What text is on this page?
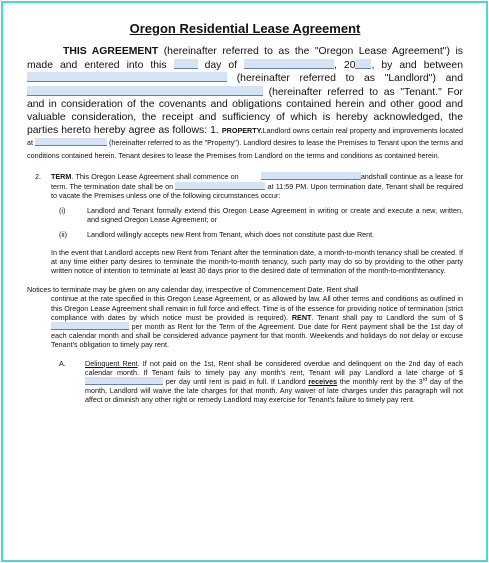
Oregon Residential Lease Agreement

THIS AGREEMENT (hereinafter referred to as the "Oregon Lease Agreement") is made and entered into this	day of	, 20 , by and between  (hereinafter referred to as "Landlord") and  (hereinafter referred to as "Tenant." For and in consideration of the covenants and obligations contained herein and other good and valuable consideration, the receipt and sufficiency of which is hereby acknowledged, the parties hereto hereby agree as follows: 1. PROPERTY.Landlord owns certain real property and improvements located at	(hereinafter referred to as the "Property"). Landlord desires to lease the Premises to Tenant upon the terms and conditions contained herein. Tenant desires to lease the Premises from Landlord on the terms and conditions as contained herein.

2. TERM. This Oregon Lease Agreement shall commence on	andshall continue as a lease for term. The termination date shall be on	at 11:59 PM. Upon termination date, Tenant shall be required to vacate the Premises unless one of the following circumstances occur:

(i)	Landlord and Tenant formally extend this Oregon Lease Agreement in writing or create and execute a new, written, and signed Oregon Lease Agreement; or

(ii)	Landlord willingly accepts new Rent from Tenant, which does not constitute past due Rent.

In the event that Landlord accepts new Rent from Tenant after the termination date, a month-to-month tenancy shall be created. If at any time either party desires to terminate the month-to-month tenancy, such party may do so by providing to the other party written notice of intention to terminate at least 30 days prior to the desired date of termination of the month-to-monthtenancy.

Notices to terminate may be given on any calendar day, irrespective of Commencement Date. Rent shall

continue at the rate specified in this Oregon Lease Agreement, or as allowed by law. All other terms and conditions as outlined in this Oregon Lease Agreement shall remain in full force and effect. Time is of the essence for providing notice of termination (strict compliance with dates by which notice must be provided is required). RENT. Tenant shall pay to Landlord the sum of $ per month as Rent for the Term of the Agreement. Due date for Rent payment shall be the 1st day of each calendar month and shall be considered advance payment for that month. Weekends and holidays do not delay or excuse Tenant's obligation to timely pay rent.

A.	Delinquent Rent. If not paid on the 1st, Rent shall be considered overdue and delinquent on the 2nd day of each calendar month. If Tenant fails to timely pay any month's rent, Tenant will pay Landlord a late charge of $ per day until rent is paid in full. If Landlord receives the monthly rent by the 3rd day of the month, Landlord will waive the late charges for that month. Any waiver of late charges under this paragraph will not affect or diminish any other right or remedy Landlord may exercise for Tenant's failure to timely pay rent.
